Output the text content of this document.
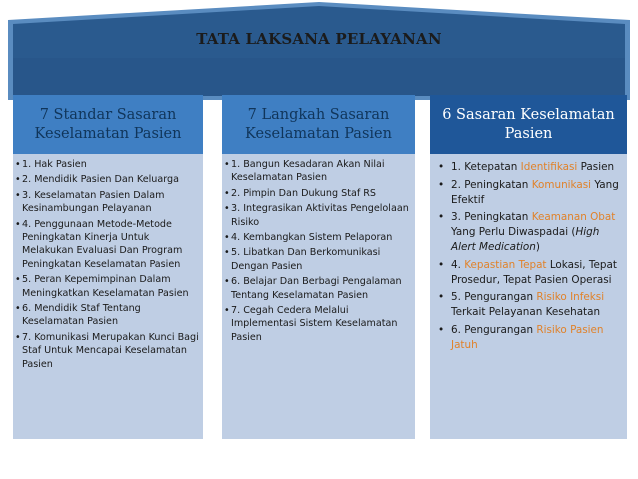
TATA LAKSANA PELAYANAN
7 Standar Sasaran Keselamatan Pasien
•1. Hak Pasien
•2. Mendidik Pasien Dan Keluarga
•3. Keselamatan Pasien Dalam Kesinambungan Pelayanan
•4. Penggunaan Metode-Metode Peningkatan Kinerja Untuk Melakukan Evaluasi Dan Program Peningkatan Keselamatan Pasien
•5. Peran Kepemimpinan Dalam Meningkatkan Keselamatan Pasien
•6. Mendidik Staf Tentang Keselamatan Pasien
•7. Komunikasi Merupakan Kunci Bagi Staf Untuk Mencapai Keselamatan Pasien
7 Langkah Sasaran Keselamatan Pasien
•1. Bangun Kesadaran Akan Nilai Keselamatan Pasien
•2. Pimpin Dan Dukung Staf RS
•3. Integrasikan Aktivitas Pengelolaan Risiko
•4. Kembangkan Sistem Pelaporan
•5. Libatkan Dan Berkomunikasi Dengan Pasien
•6. Belajar Dan Berbagi Pengalaman Tentang Keselamatan Pasien
•7. Cegah Cedera Melalui Implementasi Sistem Keselamatan Pasien
6 Sasaran Keselamatan Pasien
• 1. Ketepatan Identifikasi Pasien
• 2. Peningkatan Komunikasi Yang Efektif
• 3. Peningkatan Keamanan Obat Yang Perlu Diwaspadai (High Alert Medication)
• 4. Kepastian Tepat Lokasi, Tepat Prosedur, Tepat Pasien Operasi
• 5. Pengurangan Risiko Infeksi Terkait Pelayanan Kesehatan
• 6. Pengurangan Risiko Pasien Jatuh
